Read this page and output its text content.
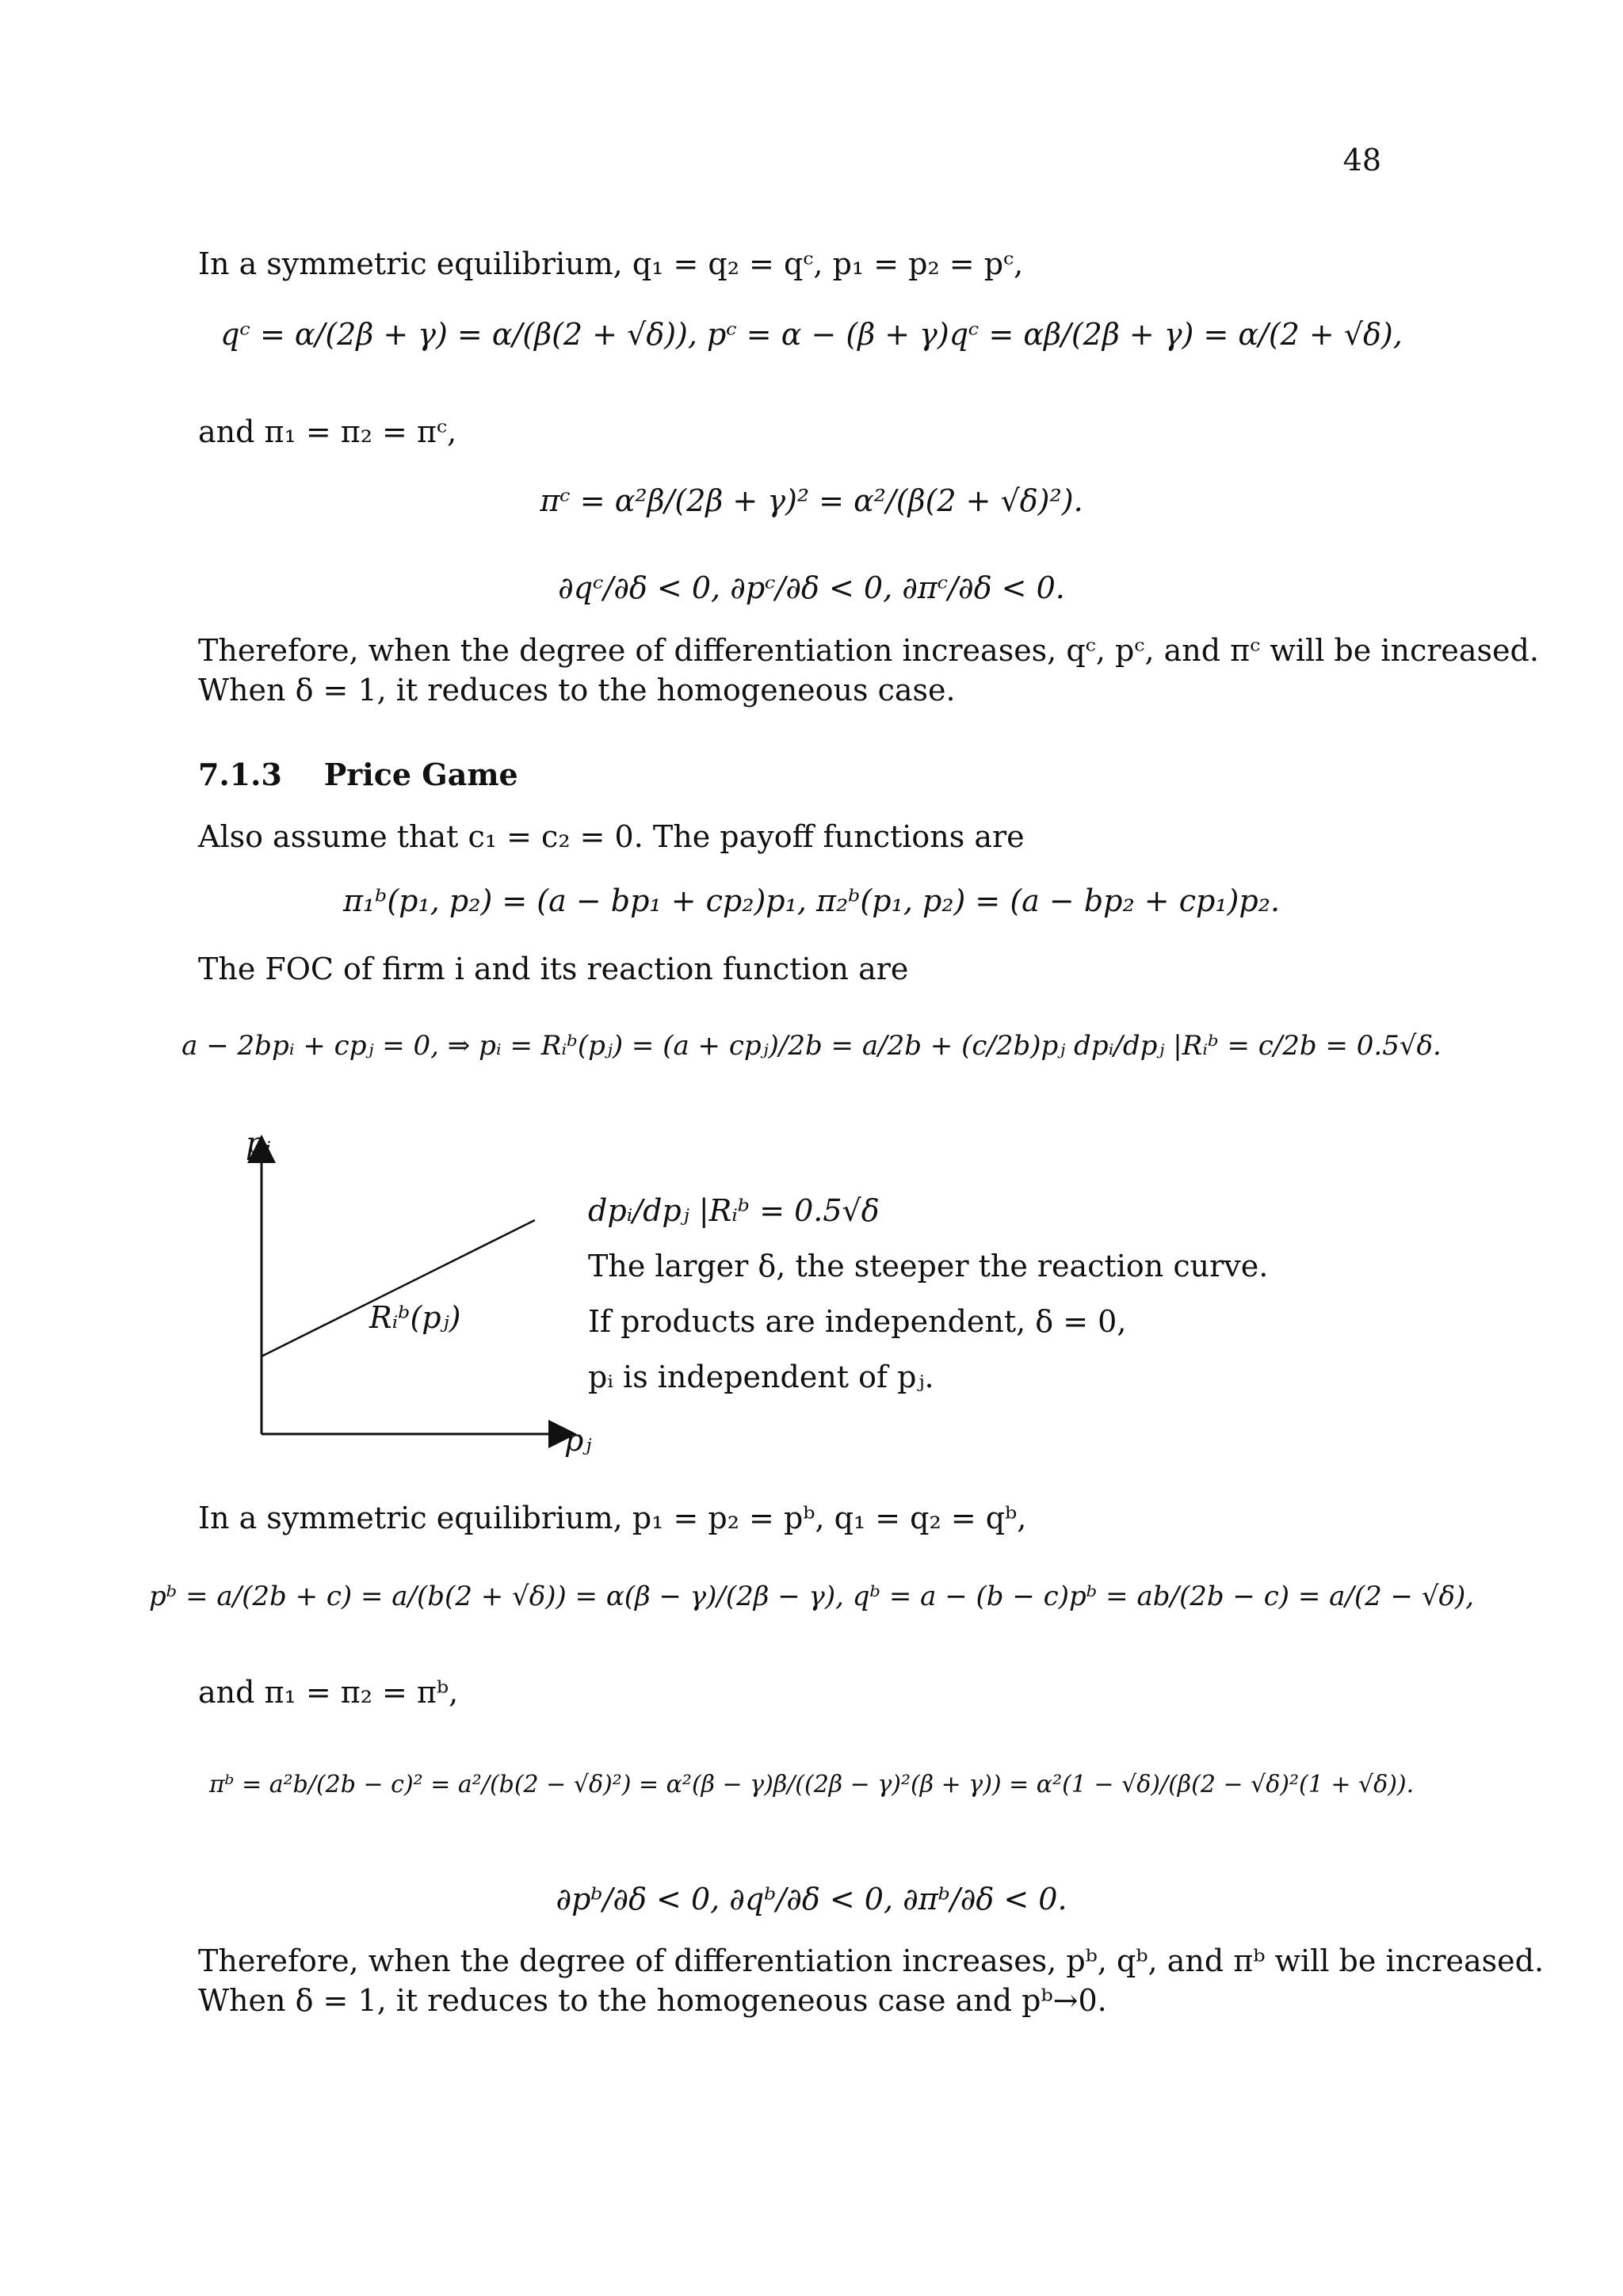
48
In a symmetric equilibrium, q₁ = q₂ = qᶜ, p₁ = p₂ = pᶜ,
qᶜ = α/(2β + γ) = α/(β(2 + √δ)), pᶜ = α − (β + γ)qᶜ = αβ/(2β + γ) = α/(2 + √δ),
and π₁ = π₂ = πᶜ,
πᶜ = α²β/(2β + γ)² = α²/(β(2 + √δ)²).
∂qᶜ/∂δ < 0, ∂pᶜ/∂δ < 0, ∂πᶜ/∂δ < 0.
Therefore, when the degree of differentiation increases, qᶜ, pᶜ, and πᶜ will be increased.
When δ = 1, it reduces to the homogeneous case.
7.1.3 Price Game
Also assume that c₁ = c₂ = 0. The payoff functions are
π₁ᵇ(p₁, p₂) = (a − bp₁ + cp₂)p₁, π₂ᵇ(p₁, p₂) = (a − bp₂ + cp₁)p₂.
The FOC of firm i and its reaction function are
a − 2bpᵢ + cpⱼ = 0, ⇒ pᵢ = Rᵢᵇ(pⱼ) = (a + cpⱼ)/2b = a/2b + (c/2b)pⱼ dpᵢ/dpⱼ |Rᵢᵇ = c/2b = 0.5√δ.
pᵢ
pⱼ
Rᵢᵇ(pⱼ)
dpᵢ/dpⱼ |Rᵢᵇ = 0.5√δ
The larger δ, the steeper the reaction curve.
If products are independent, δ = 0,
pᵢ is independent of pⱼ.
In a symmetric equilibrium, p₁ = p₂ = pᵇ, q₁ = q₂ = qᵇ,
pᵇ = a/(2b + c) = a/(b(2 + √δ)) = α(β − γ)/(2β − γ), qᵇ = a − (b − c)pᵇ = ab/(2b − c) = a/(2 − √δ),
and π₁ = π₂ = πᵇ,
πᵇ = a²b/(2b − c)² = a²/(b(2 − √δ)²) = α²(β − γ)β/((2β − γ)²(β + γ)) = α²(1 − √δ)/(β(2 − √δ)²(1 + √δ)).
∂pᵇ/∂δ < 0, ∂qᵇ/∂δ < 0, ∂πᵇ/∂δ < 0.
Therefore, when the degree of differentiation increases, pᵇ, qᵇ, and πᵇ will be increased.
When δ = 1, it reduces to the homogeneous case and pᵇ→0.
